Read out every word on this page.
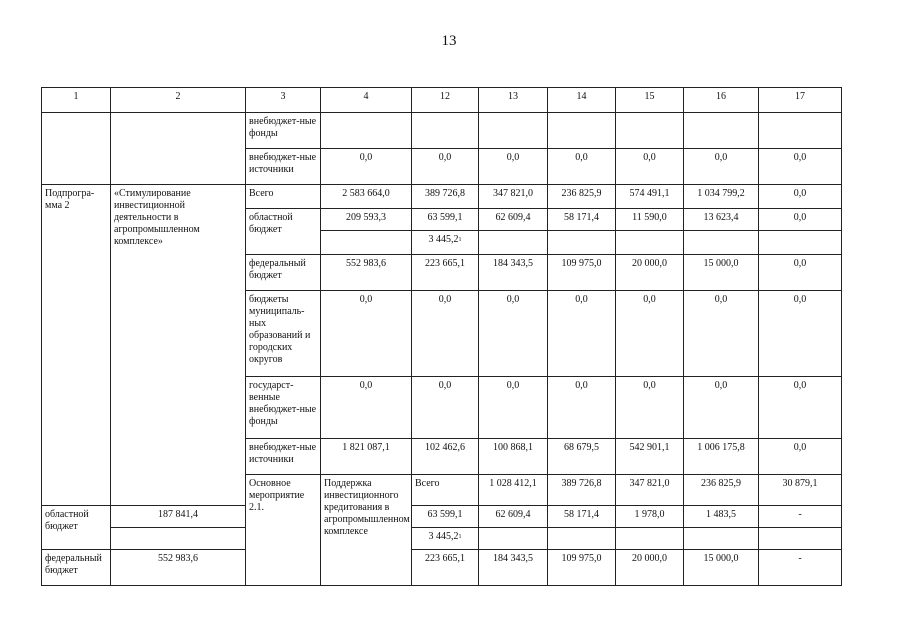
13
1	2	3	4	12	13	14	15	16	17	
		внебюджет-ные фонды								
		внебюджет-ные источники	0,0	0,0	0,0	0,0	0,0	0,0	0,0	
Подпрогра-мма 2	«Стимулирование инвестиционной деятельности в агропромышленном комплексе»	Всего	2 583 664,0	389 726,8	347 821,0	236 825,9	574 491,1	1 034 799,2	0,0	
		областной бюджет	209 593,3	63 599,1	62 609,4	58 171,4	11 590,0	13 623,4	0,0	
				3 445,2$^1$					
		федеральный бюджет	552 983,6	223 665,1	184 343,5	109 975,0	20 000,0	15 000,0	0,0	
		бюджеты муниципаль-ных образований и городских округов	0,0	0,0	0,0	0,0	0,0	0,0	0,0	
		государст-венные внебюджет-ные фонды	0,0	0,0	0,0	0,0	0,0	0,0	0,0	
		внебюджет-ные источники	1 821 087,1	102 462,6	100 868,1	68 679,5	542 901,1	1 006 175,8	0,0	
		Основное мероприятие 2.1.	Поддержка инвестиционного кредитования в агропромышленном комплексе	Всего	1 028 412,1	389 726,8	347 821,0	236 825,9	30 879,1		
областной бюджет	187 841,4			63 599,1	62 609,4	58 171,4	1 978,0	1 483,5	-	
				3 445,2$^1$					
федеральный бюджет	552 983,6			223 665,1	184 343,5	109 975,0	20 000,0	15 000,0	-	
